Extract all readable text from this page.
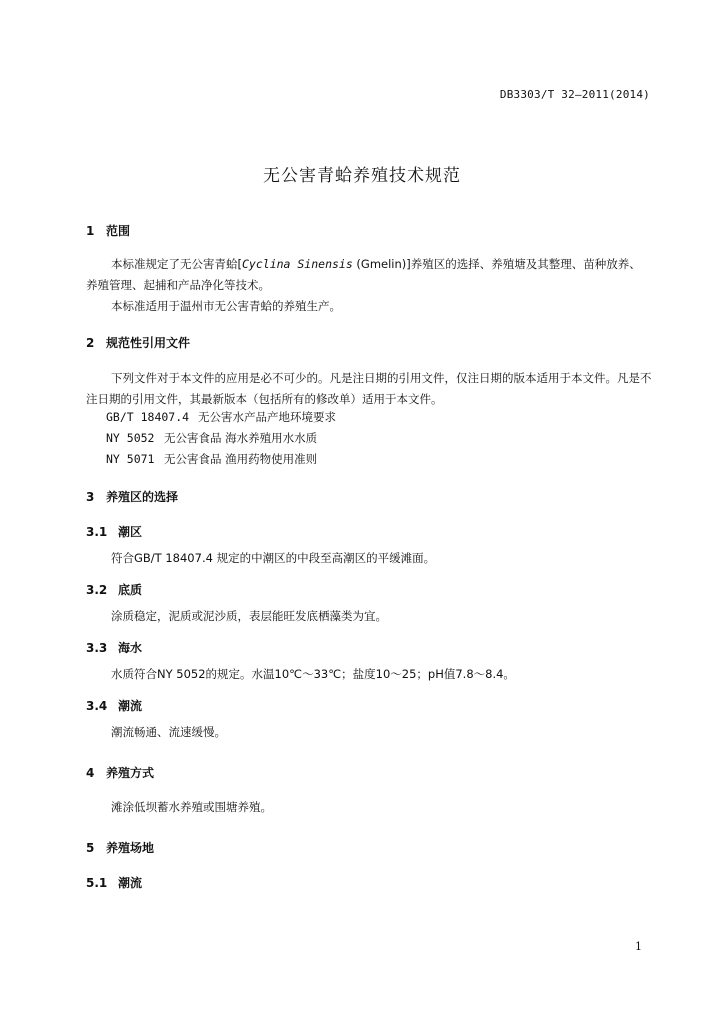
DB3303/T 32—2011(2014)
无公害青蛤养殖技术规范
1 范围
本标准规定了无公害青蛤[Cyclina Sinensis (Gmelin)]养殖区的选择、养殖塘及其整理、苗种放养、养殖管理、起捕和产品净化等技术。
本标准适用于温州市无公害青蛤的养殖生产。
2 规范性引用文件
下列文件对于本文件的应用是必不可少的。凡是注日期的引用文件，仅注日期的版本适用于本文件。凡是不注日期的引用文件，其最新版本（包括所有的修改单）适用于本文件。
GB/T 18407.4 无公害水产品产地环境要求
NY 5052 无公害食品 海水养殖用水水质
NY 5071 无公害食品 渔用药物使用准则
3 养殖区的选择
3.1 潮区
符合GB/T 18407.4 规定的中潮区的中段至高潮区的平缓滩面。
3.2 底质
涂质稳定，泥质或泥沙质，表层能旺发底栖藻类为宜。
3.3 海水
水质符合NY 5052的规定。水温10℃～33℃；盐度10～25；pH值7.8～8.4。
3.4 潮流
潮流畅通、流速缓慢。
4 养殖方式
滩涂低坝蓄水养殖或围塘养殖。
5 养殖场地
5.1 潮流
1
